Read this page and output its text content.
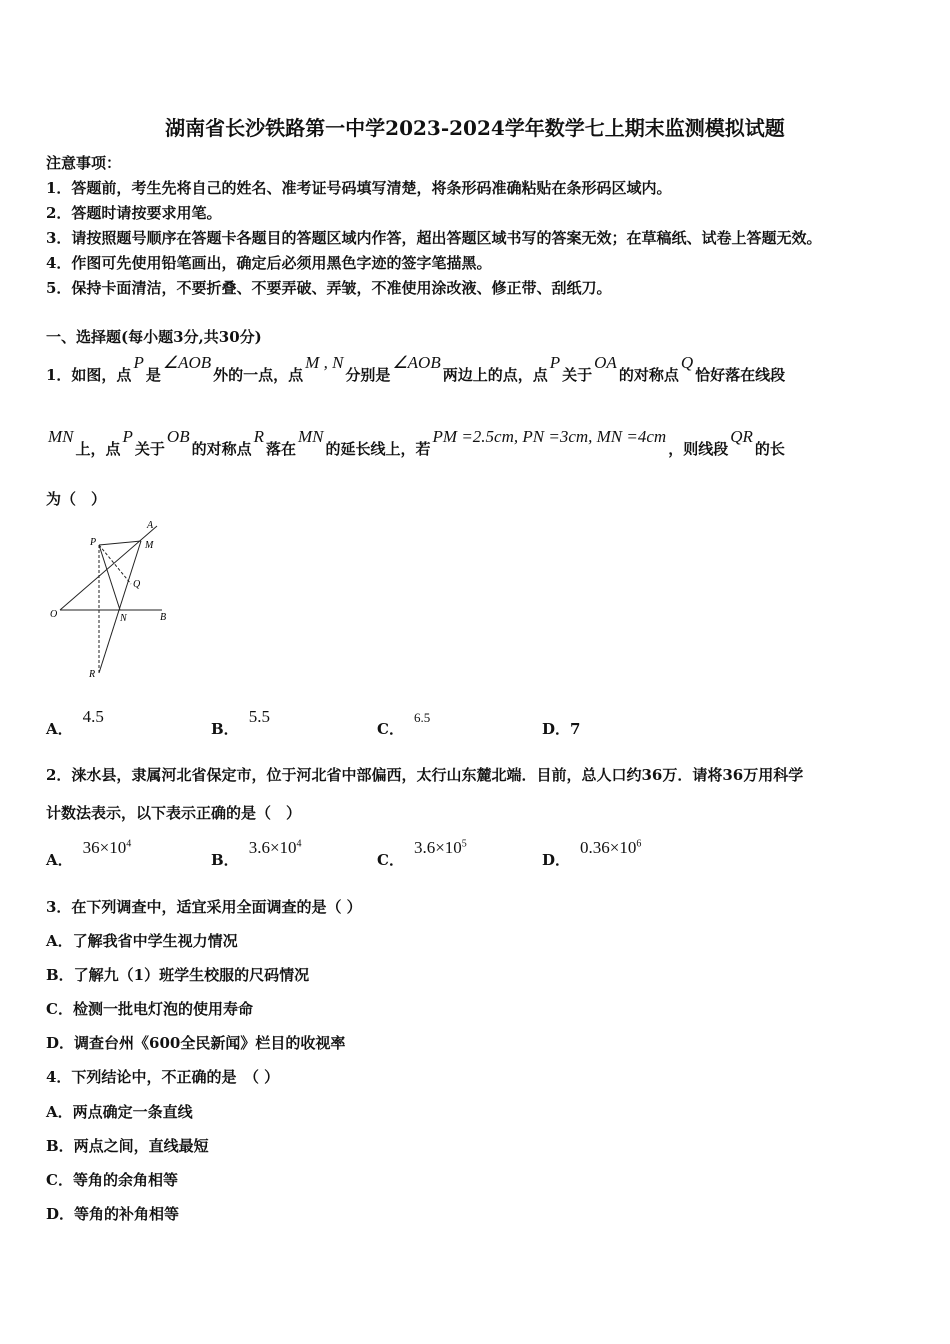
湖南省长沙铁路第一中学2023-2024学年数学七上期末监测模拟试题
注意事项：
1．答题前，考生先将自己的姓名、准考证号码填写清楚，将条形码准确粘贴在条形码区域内。
2．答题时请按要求用笔。
3．请按照题号顺序在答题卡各题目的答题区域内作答，超出答题区域书写的答案无效；在草稿纸、试卷上答题无效。
4．作图可先使用铅笔画出，确定后必须用黑色字迹的签字笔描黑。
5．保持卡面清洁，不要折叠、不要弄破、弄皱，不准使用涂改液、修正带、刮纸刀。
一、选择题(每小题3分,共30分)
1．如图，点P是∠AOB外的一点，点M , N分别是∠AOB两边上的点，点P关于OA的对称点Q恰好落在线段
MN上，点P关于OB的对称点R落在MN的延长线上，若PM =2.5cm, PN =3cm, MN =4cm，则线段QR的长
为（　）
A
M
P
Q
O	N	B
R
A．4.5
B．5.5
C．6.5
D．7
2．涞水县，隶属河北省保定市，位于河北省中部偏西，太行山东麓北端．目前，总人口约36万．请将36万用科学
计数法表示，以下表示正确的是（　）
A．$36\times 10^4$
B．$3.6\times 10^4$
C．$3.6\times 10^5$
D．$0.36\times 10^6$
3．在下列调查中，适宜采用全面调查的是（ ）
A．了解我省中学生视力情况
B．了解九（1）班学生校服的尺码情况
C．检测一批电灯泡的使用寿命
D．调查台州《600全民新闻》栏目的收视率
4．下列结论中，不正确的是　（ ）
A．两点确定一条直线
B．两点之间，直线最短
C．等角的余角相等
D．等角的补角相等
